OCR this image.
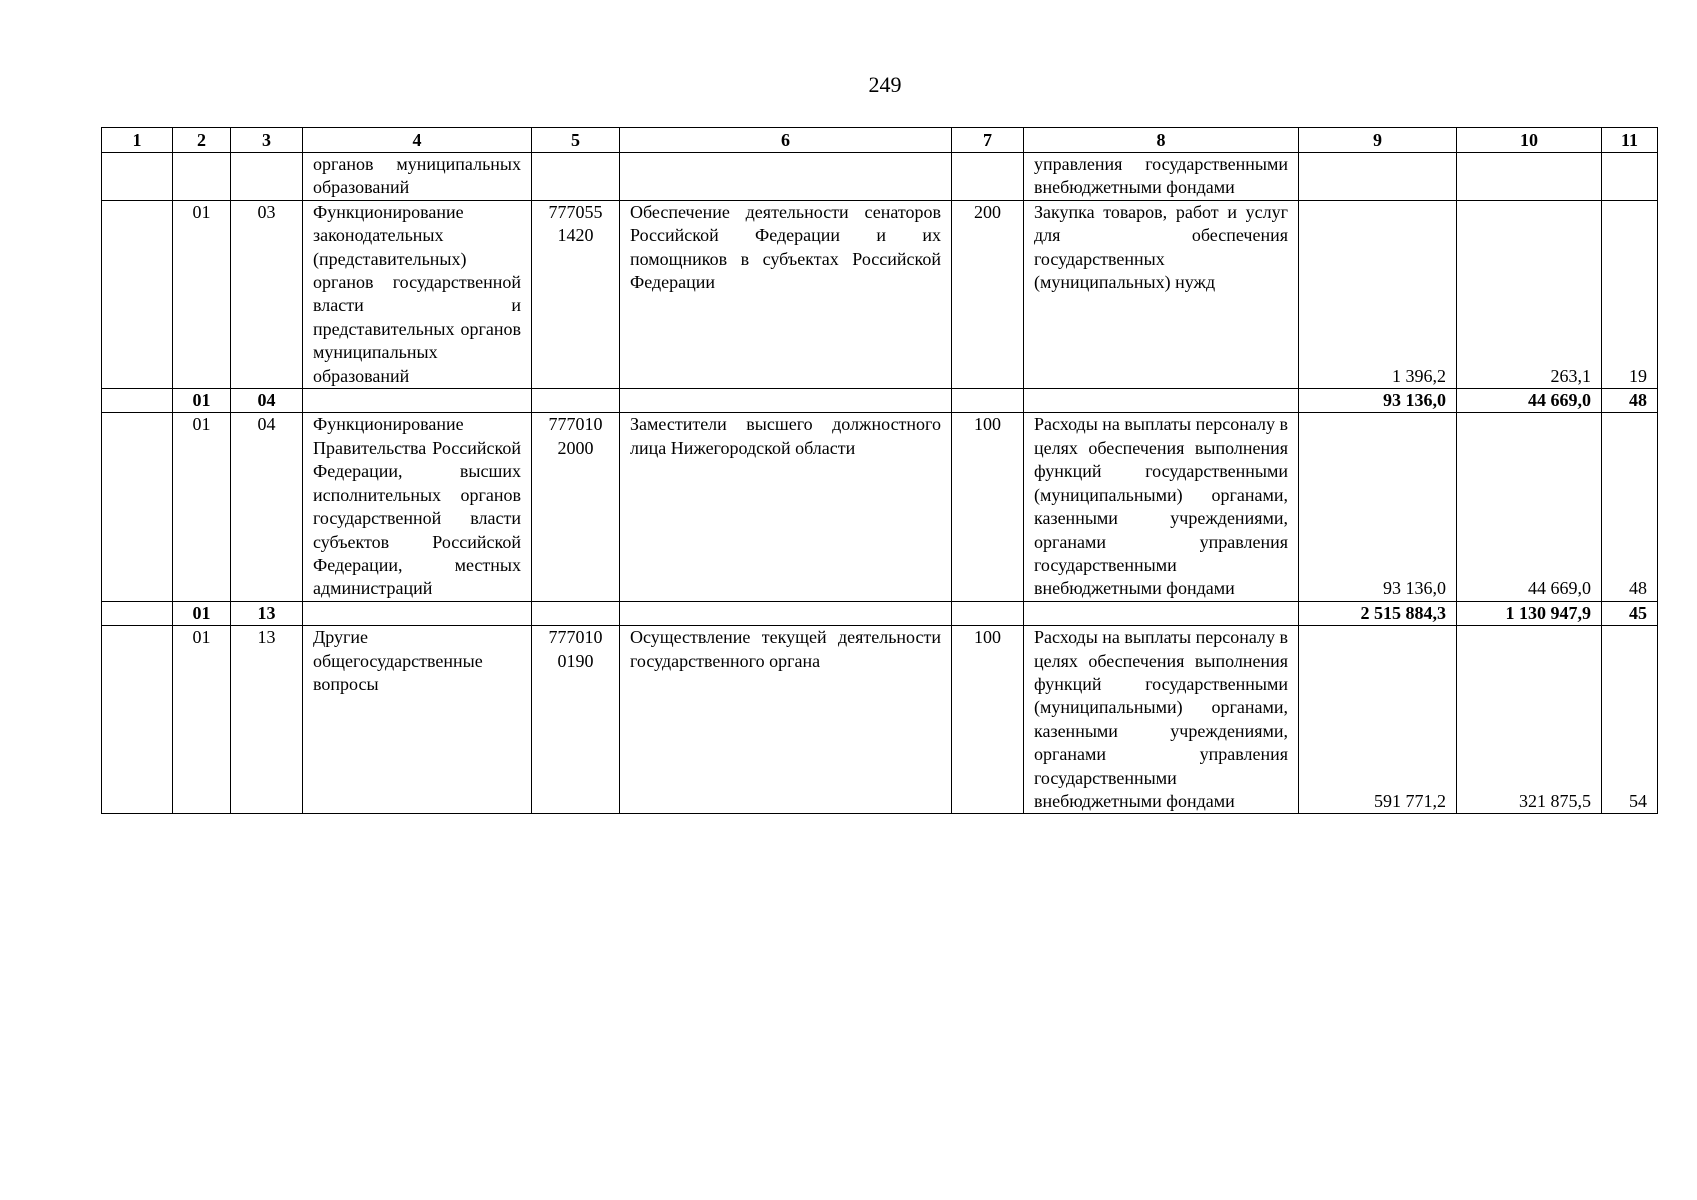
249
1	2	3	4	5	6	7	8	9	10	11
			органов муниципальных образований				управления государственными внебюджетными фондами			
	01	03	Функционирование законодательных (представительных) органов государственной власти и представительных органов муниципальных образований	777055 1420	Обеспечение деятельности сенаторов Российской Федерации и их помощников в субъектах Российской Федерации	200	Закупка товаров, работ и услуг для обеспечения государственных (муниципальных) нужд	1 396,2	263,1	19
	01	04						93 136,0	44 669,0	48
	01	04	Функционирование Правительства Российской Федерации, высших исполнительных органов государственной власти субъектов Российской Федерации, местных администраций	777010 2000	Заместители высшего должностного лица Нижегородской области	100	Расходы на выплаты персоналу в целях обеспечения выполнения функций государственными (муниципальными) органами, казенными учреждениями, органами управления государственными внебюджетными фондами	93 136,0	44 669,0	48
	01	13						2 515 884,3	1 130 947,9	45
	01	13	Другие общегосударственные вопросы	777010 0190	Осуществление текущей деятельности государственного органа	100	Расходы на выплаты персоналу в целях обеспечения выполнения функций государственными (муниципальными) органами, казенными учреждениями, органами управления государственными внебюджетными фондами	591 771,2	321 875,5	54
